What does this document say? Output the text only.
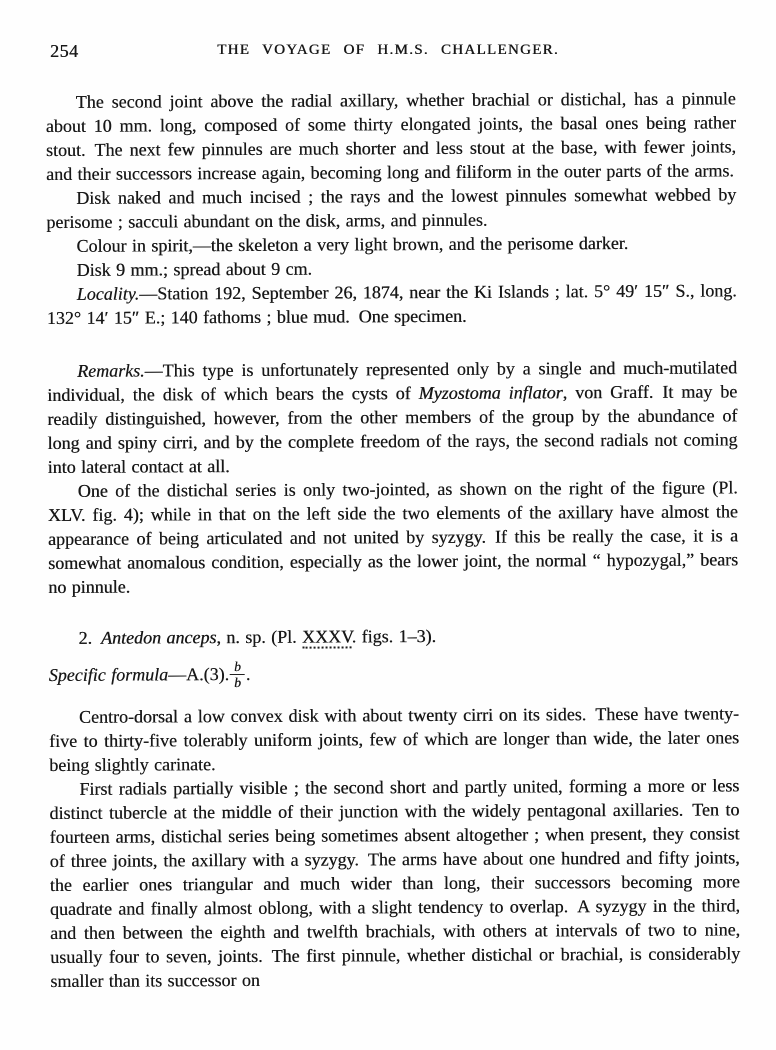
254	THE VOYAGE OF H.M.S. CHALLENGER.

The second joint above the radial axillary, whether brachial or distichal, has a pinnule about 10 mm. long, composed of some thirty elongated joints, the basal ones being rather stout. The next few pinnules are much shorter and less stout at the base, with fewer joints, and their successors increase again, becoming long and filiform in the outer parts of the arms.

Disk naked and much incised ; the rays and the lowest pinnules somewhat webbed by perisome ; sacculi abundant on the disk, arms, and pinnules.

Colour in spirit,—the skeleton a very light brown, and the perisome darker.

Disk 9 mm.; spread about 9 cm.

Locality.—Station 192, September 26, 1874, near the Ki Islands ; lat. 5° 49′ 15″ S., long. 132° 14′ 15″ E.; 140 fathoms ; blue mud. One specimen.

Remarks.—This type is unfortunately represented only by a single and much-mutilated individual, the disk of which bears the cysts of Myzostoma inflator, von Graff. It may be readily distinguished, however, from the other members of the group by the abundance of long and spiny cirri, and by the complete freedom of the rays, the second radials not coming into lateral contact at all.

One of the distichal series is only two-jointed, as shown on the right of the figure (Pl. XLV. fig. 4); while in that on the left side the two elements of the axillary have almost the appearance of being articulated and not united by syzygy. If this be really the case, it is a somewhat anomalous condition, especially as the lower joint, the normal “ hypozygal,” bears no pinnule.

2. Antedon anceps, n. sp. (Pl. XXXV. figs. 1–3).

Specific formula—A.(3). $\frac{b}{b}$ .

Centro-dorsal a low convex disk with about twenty cirri on its sides. These have twenty-five to thirty-five tolerably uniform joints, few of which are longer than wide, the later ones being slightly carinate.

First radials partially visible ; the second short and partly united, forming a more or less distinct tubercle at the middle of their junction with the widely pentagonal axillaries. Ten to fourteen arms, distichal series being sometimes absent altogether ; when present, they consist of three joints, the axillary with a syzygy. The arms have about one hundred and fifty joints, the earlier ones triangular and much wider than long, their successors becoming more quadrate and finally almost oblong, with a slight tendency to overlap. A syzygy in the third, and then between the eighth and twelfth brachials, with others at intervals of two to nine, usually four to seven, joints. The first pinnule, whether distichal or brachial, is considerably smaller than its successor on
